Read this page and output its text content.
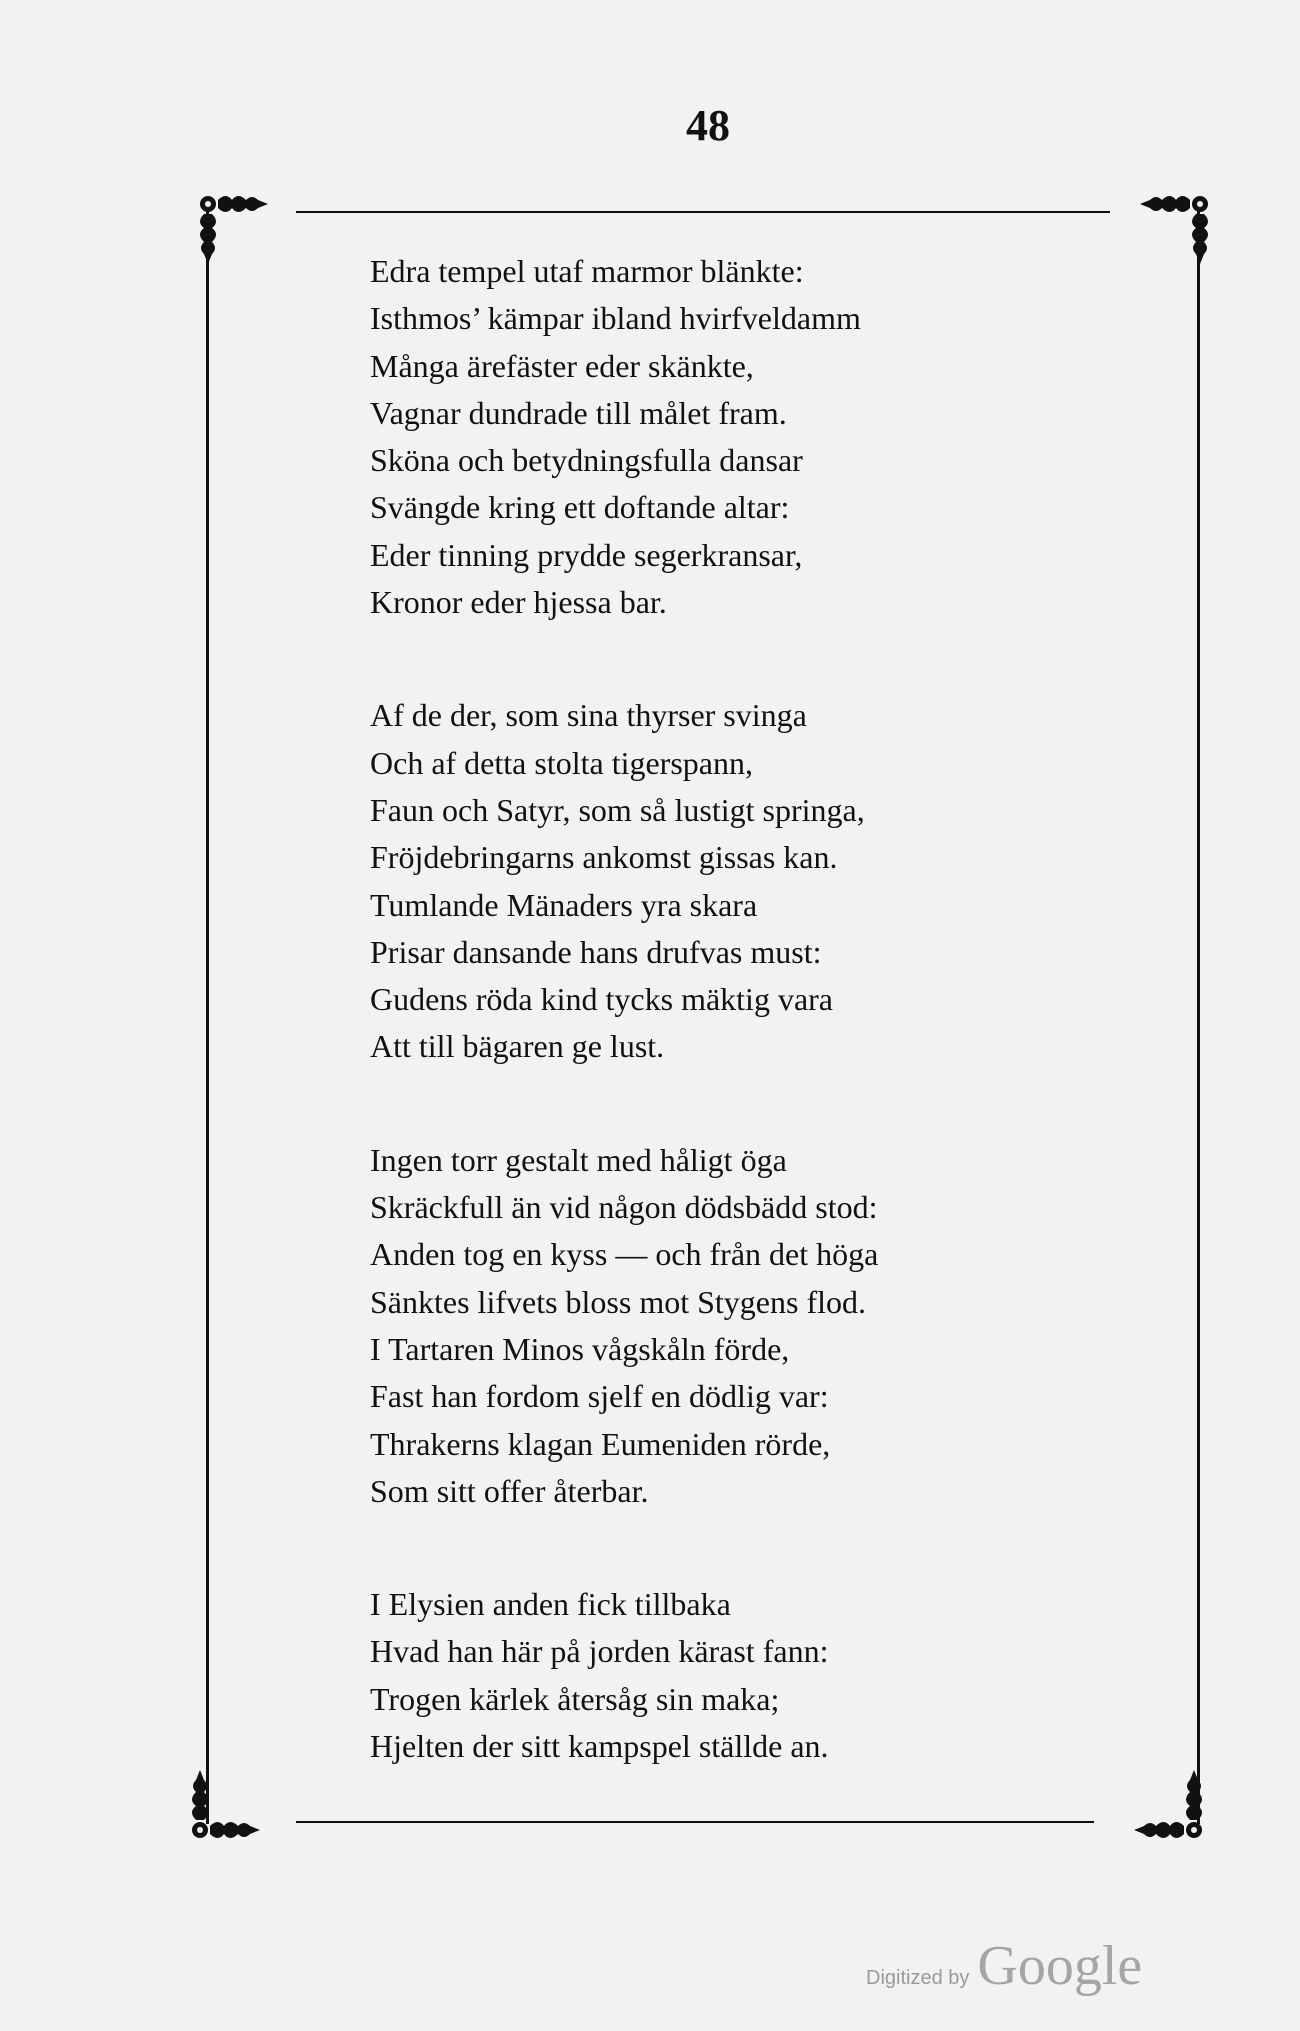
48
Edra tempel utaf marmor blänkte:
Isthmos’ kämpar ibland hvirfveldamm
Många ärefäster eder skänkte,
Vagnar dundrade till målet fram.
Sköna och betydningsfulla dansar
Svängde kring ett doftande altar:
Eder tinning prydde segerkransar,
Kronor eder hjessa bar.
Af de der, som sina thyrser svinga
Och af detta stolta tigerspann,
Faun och Satyr, som så lustigt springa,
Fröjdebringarns ankomst gissas kan.
Tumlande Mänaders yra skara
Prisar dansande hans drufvas must:
Gudens röda kind tycks mäktig vara
Att till bägaren ge lust.
Ingen torr gestalt med håligt öga
Skräckfull än vid någon dödsbädd stod:
Anden tog en kyss — och från det höga
Sänktes lifvets bloss mot Stygens flod.
I Tartaren Minos vågskåln förde,
Fast han fordom sjelf en dödlig var:
Thrakerns klagan Eumeniden rörde,
Som sitt offer återbar.
I Elysien anden fick tillbaka
Hvad han här på jorden kärast fann:
Trogen kärlek återsåg sin maka;
Hjelten der sitt kampspel ställde an.
Digitized by Google
